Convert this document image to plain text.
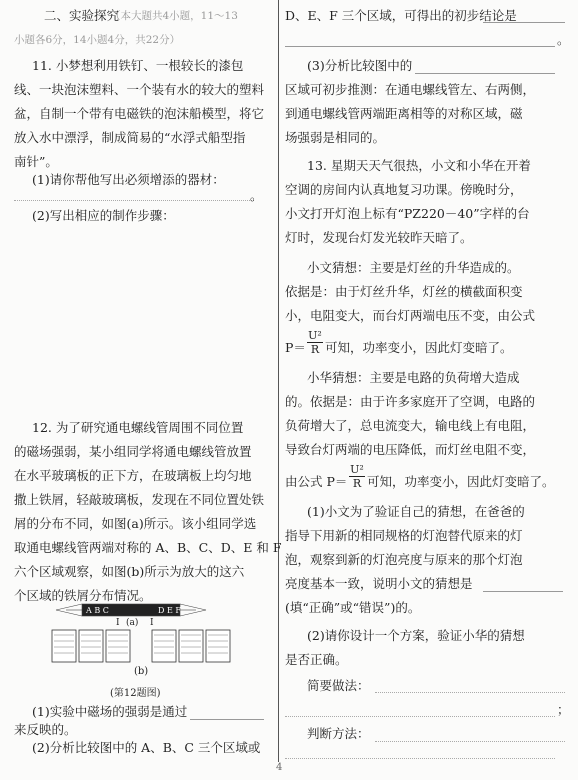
二、实验探究
（本大题共4小题，11～13
小题各6分，14小题4分，共22分）
11. 小梦想利用铁钉、一根较长的漆包
线、一块泡沫塑料、一个装有水的较大的塑料
盆，自制一个带有电磁铁的泡沫船模型，将它
放入水中漂浮，制成简易的“水浮式船型指
南针”。
(1)请你帮他写出必须增添的器材：
。
(2)写出相应的制作步骤：
12. 为了研究通电螺线管周围不同位置
的磁场强弱，某小组同学将通电螺线管放置
在水平玻璃板的正下方，在玻璃板上均匀地
撒上铁屑，轻敲玻璃板，发现在不同位置处铁
屑的分布不同，如图(a)所示。该小组同学选
取通电螺线管两端对称的 A、B、C、D、E 和 F
六个区域观察，如图(b)所示为放大的这六
个区域的铁屑分布情况。
A B C	D E F
I (a) I
(b)
(第12题图)
(1)实验中磁场的强弱是通过
来反映的。
(2)分析比较图中的 A、B、C 三个区域或
D、E、F 三个区域，可得出的初步结论是
。
(3)分析比较图中的
区域可初步推测：在通电螺线管左、右两侧，
到通电螺线管两端距离相等的对称区域，磁
场强弱是相同的。
13. 星期天天气很热，小文和小华在开着
空调的房间内认真地复习功课。傍晚时分，
小文打开灯泡上标有“PZ220－40”字样的台
灯时，发现台灯发光较昨天暗了。
小文猜想：主要是灯丝的升华造成的。
依据是：由于灯丝升华，灯丝的横截面积变
小，电阻变大，而台灯两端电压不变，由公式
P＝
U²
R 可知，功率变小，因此灯变暗了。
小华猜想：主要是电路的负荷增大造成
的。依据是：由于许多家庭开了空调，电路的
负荷增大了，总电流变大，输电线上有电阻，
导致台灯两端的电压降低，而灯丝电阻不变，
由公式 P＝
U²
R 可知，功率变小，因此灯变暗了。
(1)小文为了验证自己的猜想，在爸爸的
指导下用新的相同规格的灯泡替代原来的灯
泡，观察到新的灯泡亮度与原来的那个灯泡
亮度基本一致，说明小文的猜想是
(填“正确”或“错误”)的。
(2)请你设计一个方案，验证小华的猜想
是否正确。
简要做法：
；
判断方法：
4
